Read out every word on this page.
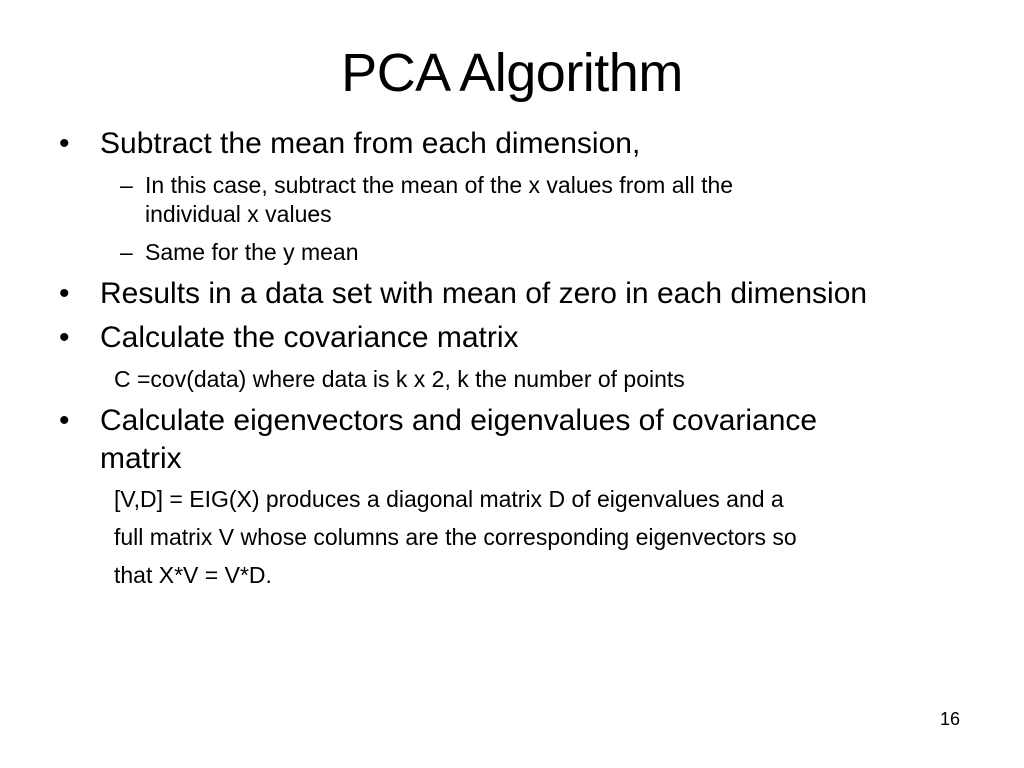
PCA Algorithm
• Subtract the mean from each dimension,
– In this case, subtract the mean of the x values from all the
individual x values
– Same for the y mean
• Results in a data set with mean of zero in each dimension
• Calculate the covariance matrix
C =cov(data) where data is k x 2, k the number of points
• Calculate eigenvectors and eigenvalues of covariance
matrix
[V,D] = EIG(X) produces a diagonal matrix D of eigenvalues and a
full matrix V whose columns are the corresponding eigenvectors so
that X*V = V*D.
16
